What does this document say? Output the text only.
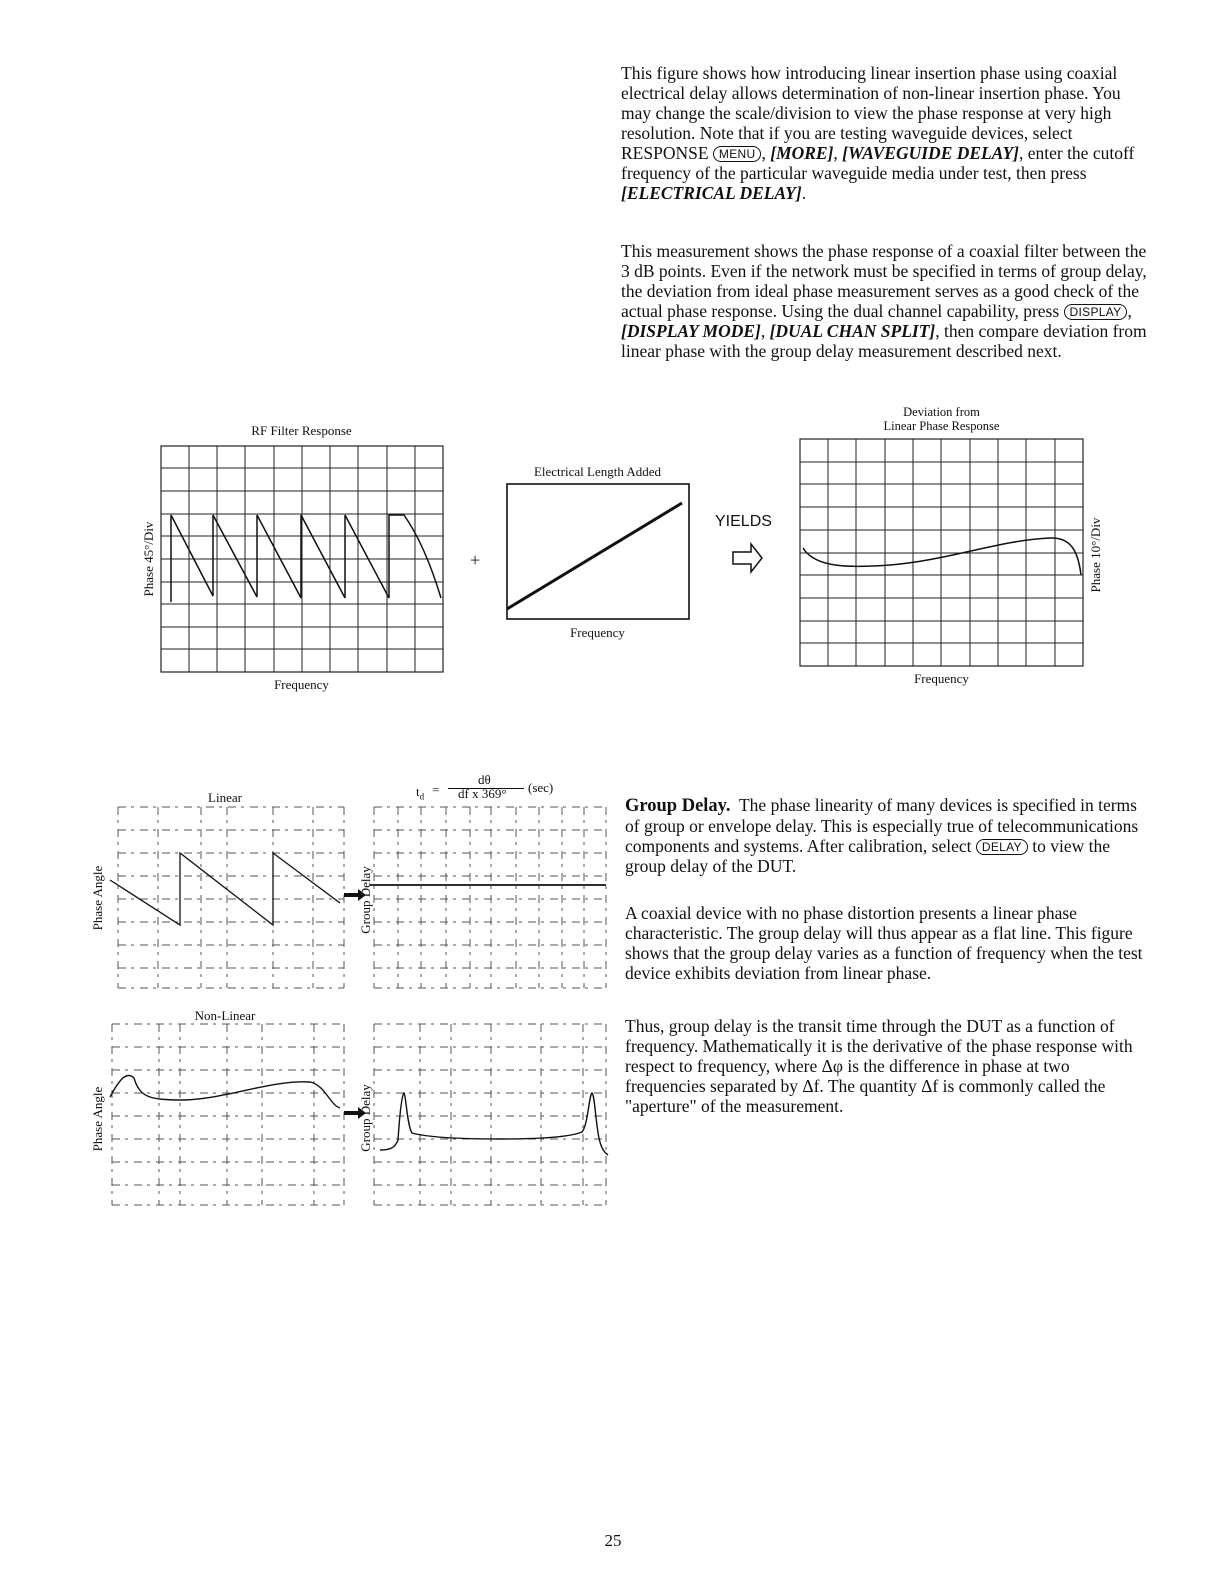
This figure shows how introducing linear insertion phase using coaxial electrical delay allows determination of non-linear insertion phase. You may change the scale/division to view the phase response at very high resolution. Note that if you are testing waveguide devices, select RESPONSE MENU , [MORE], [WAVEGUIDE DELAY], enter the cutoff frequency of the particular waveguide media under test, then press [ELECTRICAL DELAY].
This measurement shows the phase response of a coaxial filter between the 3 dB points. Even if the network must be specified in terms of group delay, the deviation from ideal phase measurement serves as a good check of the actual phase response. Using the dual channel capability, press DISPLAY , [DISPLAY MODE], [DUAL CHAN SPLIT], then compare deviation from linear phase with the group delay measurement described next.
RF Filter Response
Phase 45°/Div
Frequency
+
Electrical Length Added
Frequency
YIELDS
Deviation from
Linear Phase Response
Phase 10°/Div
Frequency
$t_d$ =
dθ
df x 369° (sec)
Linear
Non-Linear
Phase Angle	Group Delay
Phase Angle	Group Delay
Group Delay. The phase linearity of many devices is specified in terms of group or envelope delay. This is especially true of telecommunications components and systems. After calibration, select DELAY to view the group delay of the DUT.
A coaxial device with no phase distortion presents a linear phase characteristic. The group delay will thus appear as a flat line. This figure shows that the group delay varies as a function of frequency when the test device exhibits deviation from linear phase.
Thus, group delay is the transit time through the DUT as a function of frequency. Mathematically it is the derivative of the phase response with respect to frequency, where Δφ is the difference in phase at two frequencies separated by Δf. The quantity Δf is commonly called the "aperture" of the measurement.
25
